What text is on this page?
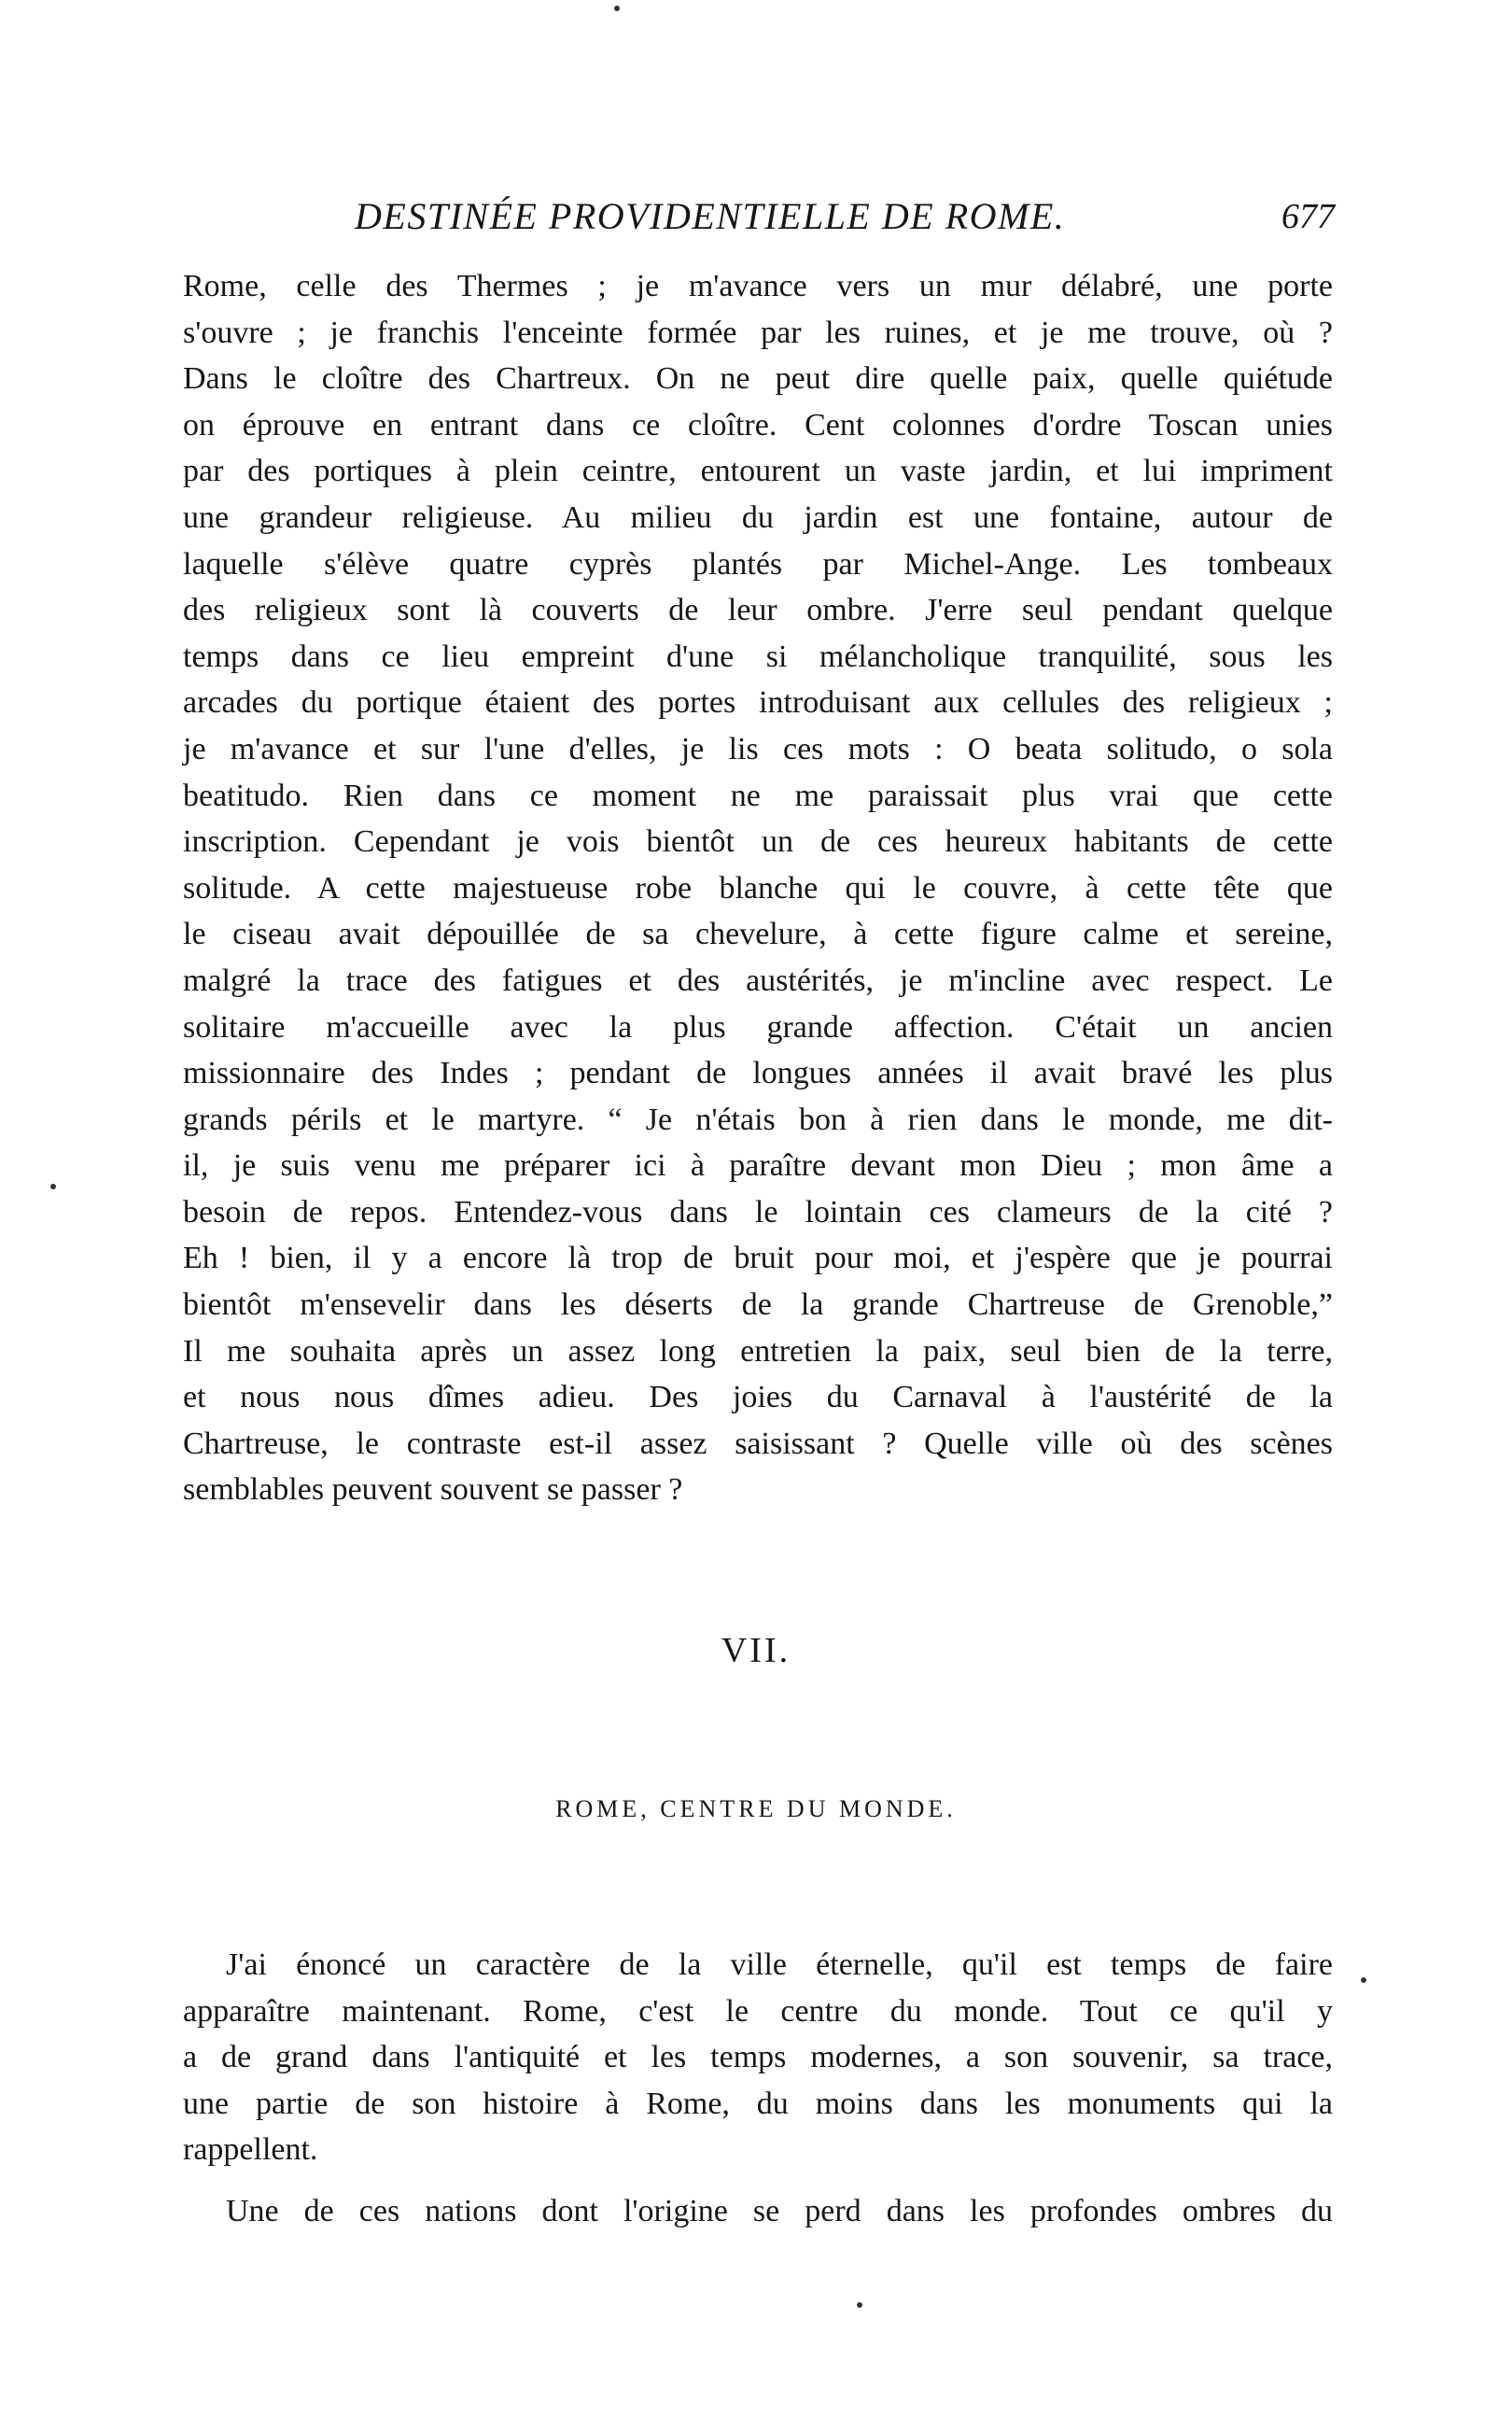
DESTINÉE PROVIDENTIELLE DE ROME.	677
Rome, celle des Thermes ; je m'avance vers un mur délabré, une porte
s'ouvre ; je franchis l'enceinte formée par les ruines, et je me trouve, où ?
Dans le cloître des Chartreux. On ne peut dire quelle paix, quelle quiétude
on éprouve en entrant dans ce cloître. Cent colonnes d'ordre Toscan unies
par des portiques à plein ceintre, entourent un vaste jardin, et lui impriment
une grandeur religieuse. Au milieu du jardin est une fontaine, autour de
laquelle s'élève quatre cyprès plantés par Michel-Ange. Les tombeaux
des religieux sont là couverts de leur ombre. J'erre seul pendant quelque
temps dans ce lieu empreint d'une si mélancholique tranquilité, sous les
arcades du portique étaient des portes introduisant aux cellules des religieux ;
je m'avance et sur l'une d'elles, je lis ces mots : O beata solitudo, o sola
beatitudo. Rien dans ce moment ne me paraissait plus vrai que cette
inscription. Cependant je vois bientôt un de ces heureux habitants de cette
solitude. A cette majestueuse robe blanche qui le couvre, à cette tête que
le ciseau avait dépouillée de sa chevelure, à cette figure calme et sereine,
malgré la trace des fatigues et des austérités, je m'incline avec respect. Le
solitaire m'accueille avec la plus grande affection. C'était un ancien
missionnaire des Indes ; pendant de longues années il avait bravé les plus
grands périls et le martyre. “ Je n'étais bon à rien dans le monde, me dit-
il, je suis venu me préparer ici à paraître devant mon Dieu ; mon âme a
besoin de repos. Entendez-vous dans le lointain ces clameurs de la cité ?
Eh ! bien, il y a encore là trop de bruit pour moi, et j'espère que je pourrai
bientôt m'ensevelir dans les déserts de la grande Chartreuse de Grenoble,”
Il me souhaita après un assez long entretien la paix, seul bien de la terre,
et nous nous dîmes adieu. Des joies du Carnaval à l'austérité de la
Chartreuse, le contraste est-il assez saisissant ? Quelle ville où des scènes
semblables peuvent souvent se passer ?
VII.
ROME, CENTRE DU MONDE.
J'ai énoncé un caractère de la ville éternelle, qu'il est temps de faire
apparaître maintenant. Rome, c'est le centre du monde. Tout ce qu'il y
a de grand dans l'antiquité et les temps modernes, a son souvenir, sa trace,
une partie de son histoire à Rome, du moins dans les monuments qui la
rappellent.
Une de ces nations dont l'origine se perd dans les profondes ombres du
